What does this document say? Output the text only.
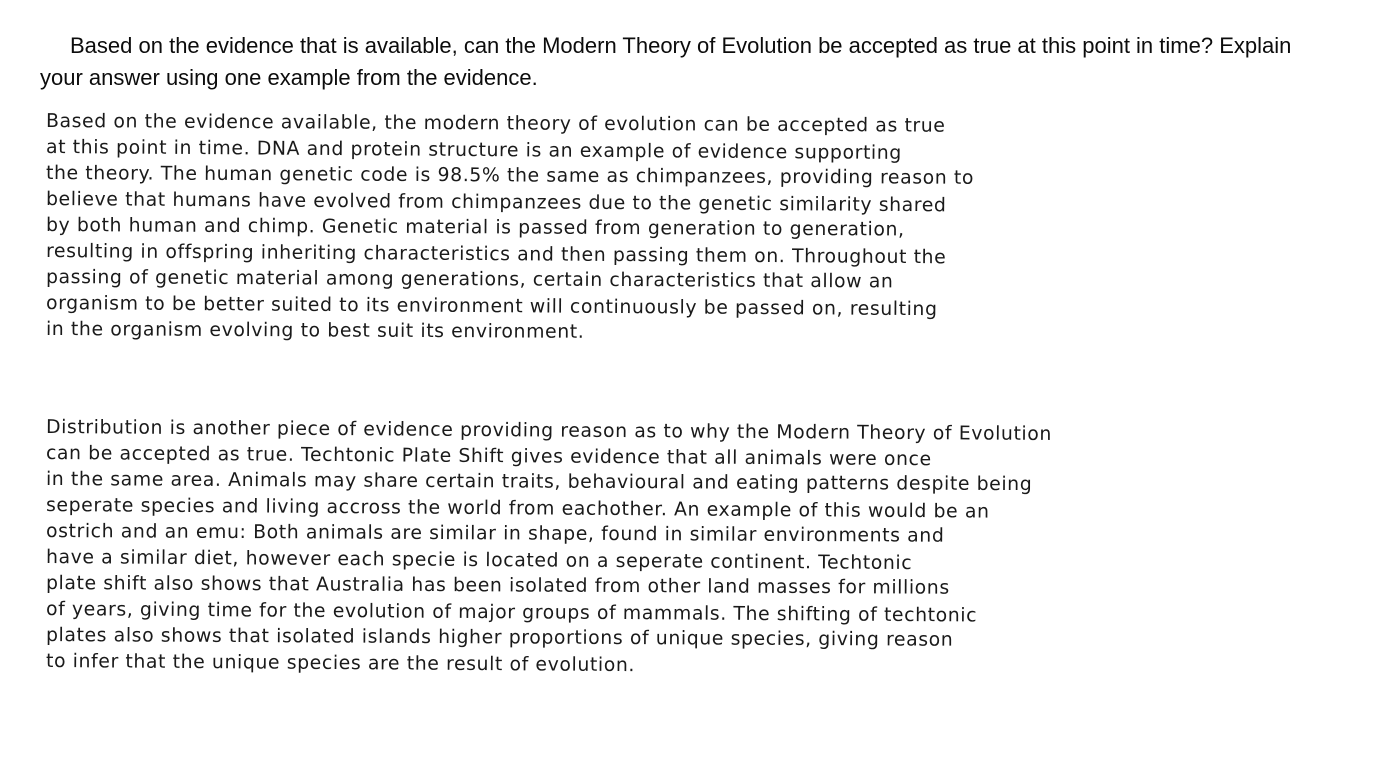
Based on the evidence that is available, can the Modern Theory of Evolution be accepted as true at this point in time? Explain your answer using one example from the evidence.
Based on the evidence available, the modern theory of evolution can be accepted as true
at this point in time. DNA and protein structure is an example of evidence supporting
the theory. The human genetic code is 98.5% the same as chimpanzees, providing reason to
believe that humans have evolved from chimpanzees due to the genetic similarity shared
by both human and chimp. Genetic material is passed from generation to generation,
resulting in offspring inheriting characteristics and then passing them on. Throughout the
passing of genetic material among generations, certain characteristics that allow an
organism to be better suited to its environment will continuously be passed on, resulting
in the organism evolving to best suit its environment.
Distribution is another piece of evidence providing reason as to why the Modern Theory of Evolution
can be accepted as true. Techtonic Plate Shift gives evidence that all animals were once
in the same area. Animals may share certain traits, behavioural and eating patterns despite being
seperate species and living accross the world from eachother. An example of this would be an
ostrich and an emu: Both animals are similar in shape, found in similar environments and
have a similar diet, however each specie is located on a seperate continent. Techtonic
plate shift also shows that Australia has been isolated from other land masses for millions
of years, giving time for the evolution of major groups of mammals. The shifting of techtonic
plates also shows that isolated islands higher proportions of unique species, giving reason
to infer that the unique species are the result of evolution.
